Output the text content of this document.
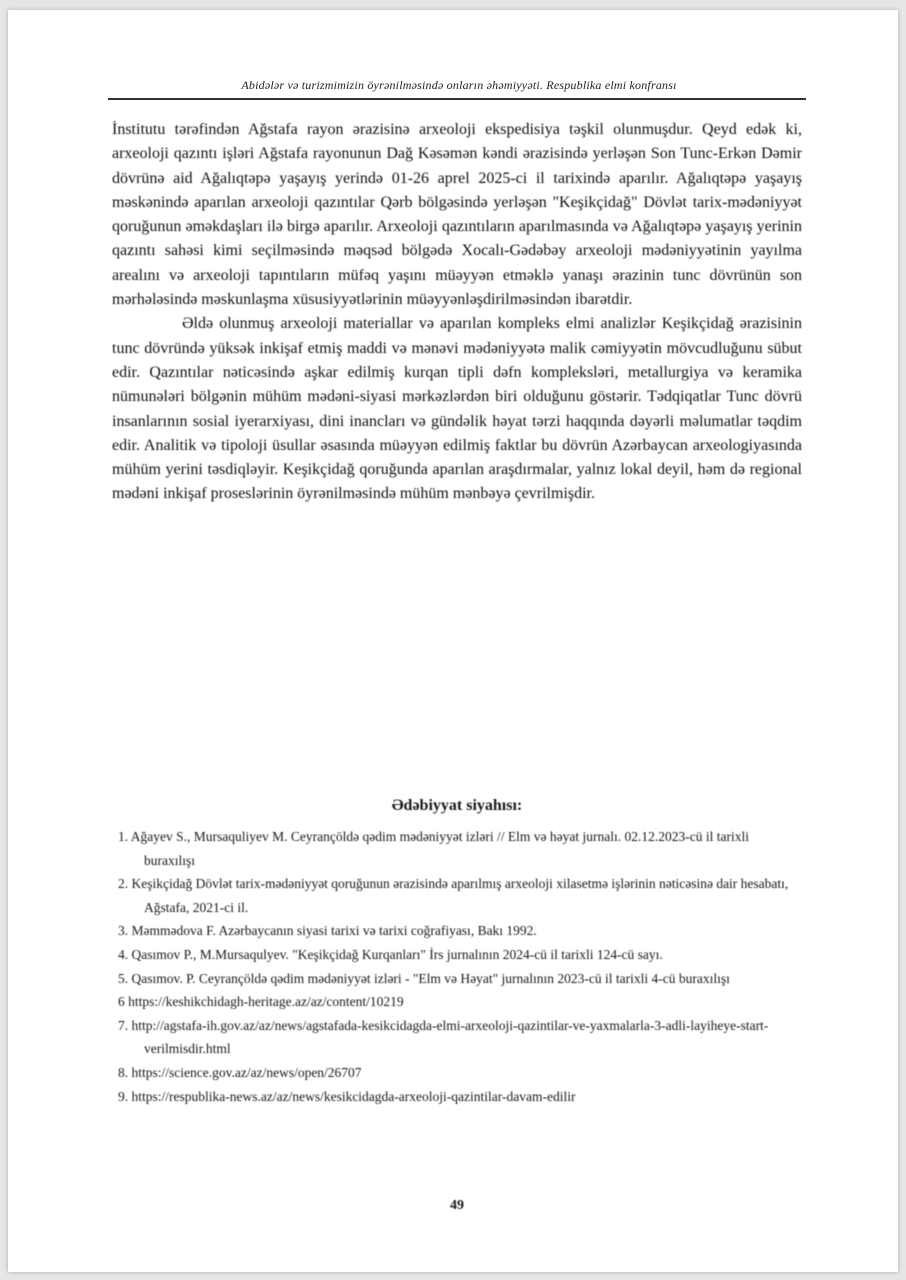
Abidələr və turizmimizin öyrənilməsində onların əhəmiyyəti. Respublika elmi konfransı

İnstitutu tərəfindən Ağstafa rayon ərazisinə arxeoloji ekspedisiya təşkil olunmuşdur. Qeyd edək ki, arxeoloji qazıntı işləri Ağstafa rayonunun Dağ Kəsəmən kəndi ərazisində yerləşən Son Tunc-Erkən Dəmir dövrünə aid Ağalıqtəpə yaşayış yerində 01-26 aprel 2025-ci il tarixində aparılır. Ağalıqtəpə yaşayış məskənində aparılan arxeoloji qazıntılar Qərb bölgəsində yerləşən "Keşikçidağ" Dövlət tarix-mədəniyyət qoruğunun əməkdaşları ilə birgə aparılır. Arxeoloji qazıntıların aparılmasında və Ağalıqtəpə yaşayış yerinin qazıntı sahəsi kimi seçilməsində məqsəd bölgədə Xocalı-Gədəbəy arxeoloji mədəniyyətinin yayılma arealını və arxeoloji tapıntıların müfəq yaşını müəyyən etməklə yanaşı ərazinin tunc dövrünün son mərhələsində məskunlaşma xüsusiyyətlərinin müəyyənləşdirilməsindən ibarətdir.

Əldə olunmuş arxeoloji materiallar və aparılan kompleks elmi analizlər Keşikçidağ ərazisinin tunc dövründə yüksək inkişaf etmiş maddi və mənəvi mədəniyyətə malik cəmiyyətin mövcudluğunu sübut edir. Qazıntılar nəticəsində aşkar edilmiş kurqan tipli dəfn kompleksləri, metallurgiya və keramika nümunələri bölgənin mühüm mədəni-siyasi mərkəzlərdən biri olduğunu göstərir. Tədqiqatlar Tunc dövrü insanlarının sosial iyerarxiyası, dini inancları və gündəlik həyat tərzi haqqında dəyərli məlumatlar təqdim edir. Analitik və tipoloji üsullar əsasında müəyyən edilmiş faktlar bu dövrün Azərbaycan arxeologiyasında mühüm yerini təsdiqləyir. Keşikçidağ qoruğunda aparılan araşdırmalar, yalnız lokal deyil, həm də regional mədəni inkişaf proseslərinin öyrənilməsində mühüm mənbəyə çevrilmişdir.

Ədəbiyyat siyahısı:
1. Ağayev S., Mursaquliyev M. Ceyrançöldə qədim mədəniyyət izləri // Elm və həyat jurnalı. 02.12.2023-cü il tarixli buraxılışı
2. Keşikçidağ Dövlət tarix-mədəniyyət qoruğunun ərazisində aparılmış arxeoloji xilasetmə işlərinin nəticəsinə dair hesabatı, Ağstafa, 2021-ci il.
3. Məmmədova F. Azərbaycanın siyasi tarixi və tarixi coğrafiyası, Bakı 1992.
4. Qasımov P., M.Mursaqulyev. "Keşikçidağ Kurqanları" İrs jurnalının 2024-cü il tarixli 124-cü sayı.
5. Qasımov. P. Ceyrançöldə qədim mədəniyyət izləri - "Elm və Həyat" jurnalının 2023-cü il tarixli 4-cü buraxılışı
6 https://keshikchidagh-heritage.az/az/content/10219
7. http://agstafa-ih.gov.az/az/news/agstafada-kesikcidagda-elmi-arxeoloji-qazintilar-ve-yaxmalarla-3-adli-layiheye-start-verilmisdir.html
8. https://science.gov.az/az/news/open/26707
9. https://respublika-news.az/az/news/kesikcidagda-arxeoloji-qazintilar-davam-edilir
49
